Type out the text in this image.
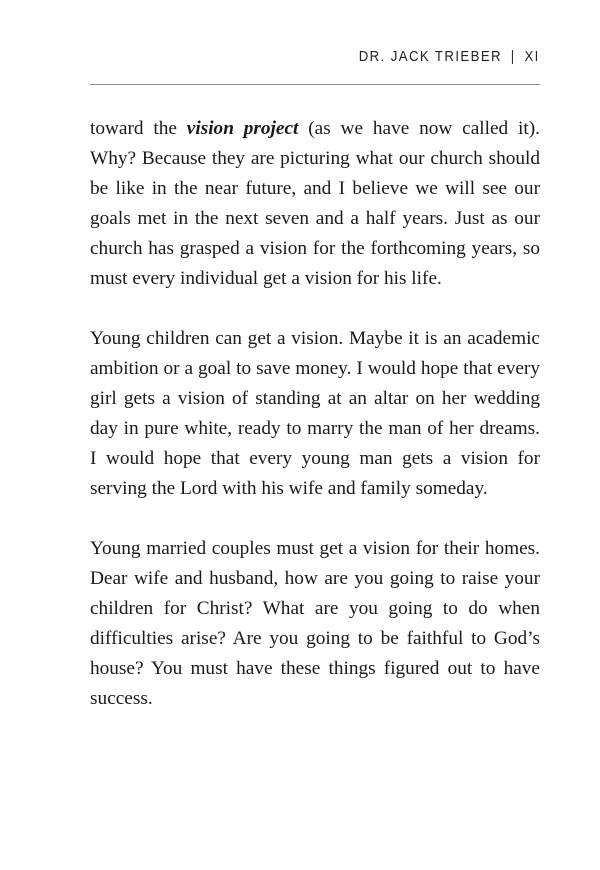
DR. JACK TRIEBER | XI

toward the vision project (as we have now called it). Why? Because they are picturing what our church should be like in the near future, and I believe we will see our goals met in the next seven and a half years. Just as our church has grasped a vision for the forthcoming years, so must every individual get a vision for his life.

Young children can get a vision. Maybe it is an academic ambition or a goal to save money. I would hope that every girl gets a vision of standing at an altar on her wedding day in pure white, ready to marry the man of her dreams. I would hope that every young man gets a vision for serving the Lord with his wife and family someday.

Young married couples must get a vision for their homes. Dear wife and husband, how are you going to raise your children for Christ? What are you going to do when difficulties arise? Are you going to be faithful to God’s house? You must have these things figured out to have success.
